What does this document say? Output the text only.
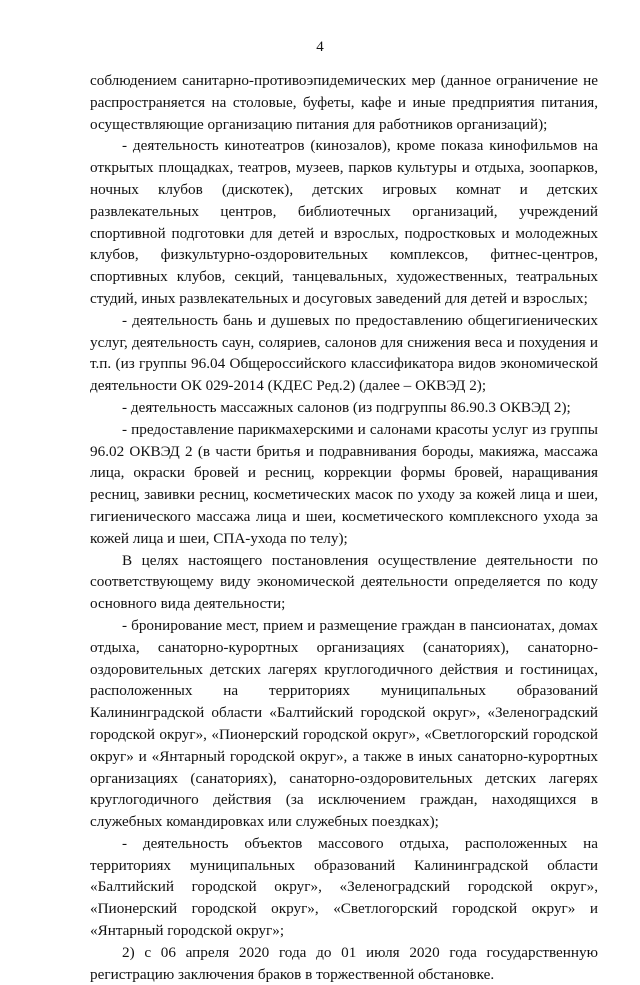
4

соблюдением санитарно-противоэпидемических мер (данное ограничение не распространяется на столовые, буфеты, кафе и иные предприятия питания, осуществляющие организацию питания для работников организаций);

- деятельность кинотеатров (кинозалов), кроме показа кинофильмов на открытых площадках, театров, музеев, парков культуры и отдыха, зоопарков, ночных клубов (дискотек), детских игровых комнат и детских развлекательных центров, библиотечных организаций, учреждений спортивной подготовки для детей и взрослых, подростковых и молодежных клубов, физкультурно-оздоровительных комплексов, фитнес-центров, спортивных клубов, секций, танцевальных, художественных, театральных студий, иных развлекательных и досуговых заведений для детей и взрослых;

- деятельность бань и душевых по предоставлению общегигиенических услуг, деятельность саун, соляриев, салонов для снижения веса и похудения и т.п. (из группы 96.04 Общероссийского классификатора видов экономической деятельности ОК 029-2014 (КДЕС Ред.2) (далее – ОКВЭД 2);

- деятельность массажных салонов (из подгруппы 86.90.3 ОКВЭД 2);

- предоставление парикмахерскими и салонами красоты услуг из группы 96.02 ОКВЭД 2 (в части бритья и подравнивания бороды, макияжа, массажа лица, окраски бровей и ресниц, коррекции формы бровей, наращивания ресниц, завивки ресниц, косметических масок по уходу за кожей лица и шеи, гигиенического массажа лица и шеи, косметического комплексного ухода за кожей лица и шеи, СПА-ухода по телу);

В целях настоящего постановления осуществление деятельности по соответствующему виду экономической деятельности определяется по коду основного вида деятельности;

- бронирование мест, прием и размещение граждан в пансионатах, домах отдыха, санаторно-курортных организациях (санаториях), санаторно-оздоровительных детских лагерях круглогодичного действия и гостиницах, расположенных на территориях муниципальных образований Калининградской области «Балтийский городской округ», «Зеленоградский городской округ», «Пионерский городской округ», «Светлогорский городской округ» и «Янтарный городской округ», а также в иных санаторно-курортных организациях (санаториях), санаторно-оздоровительных детских лагерях круглогодичного действия (за исключением граждан, находящихся в служебных командировках или служебных поездках);

- деятельность объектов массового отдыха, расположенных на территориях муниципальных образований Калининградской области «Балтийский городской округ», «Зеленоградский городской округ», «Пионерский городской округ», «Светлогорский городской округ» и «Янтарный городской округ»;

2) с 06 апреля 2020 года до 01 июля 2020 года государственную регистрацию заключения браков в торжественной обстановке.
